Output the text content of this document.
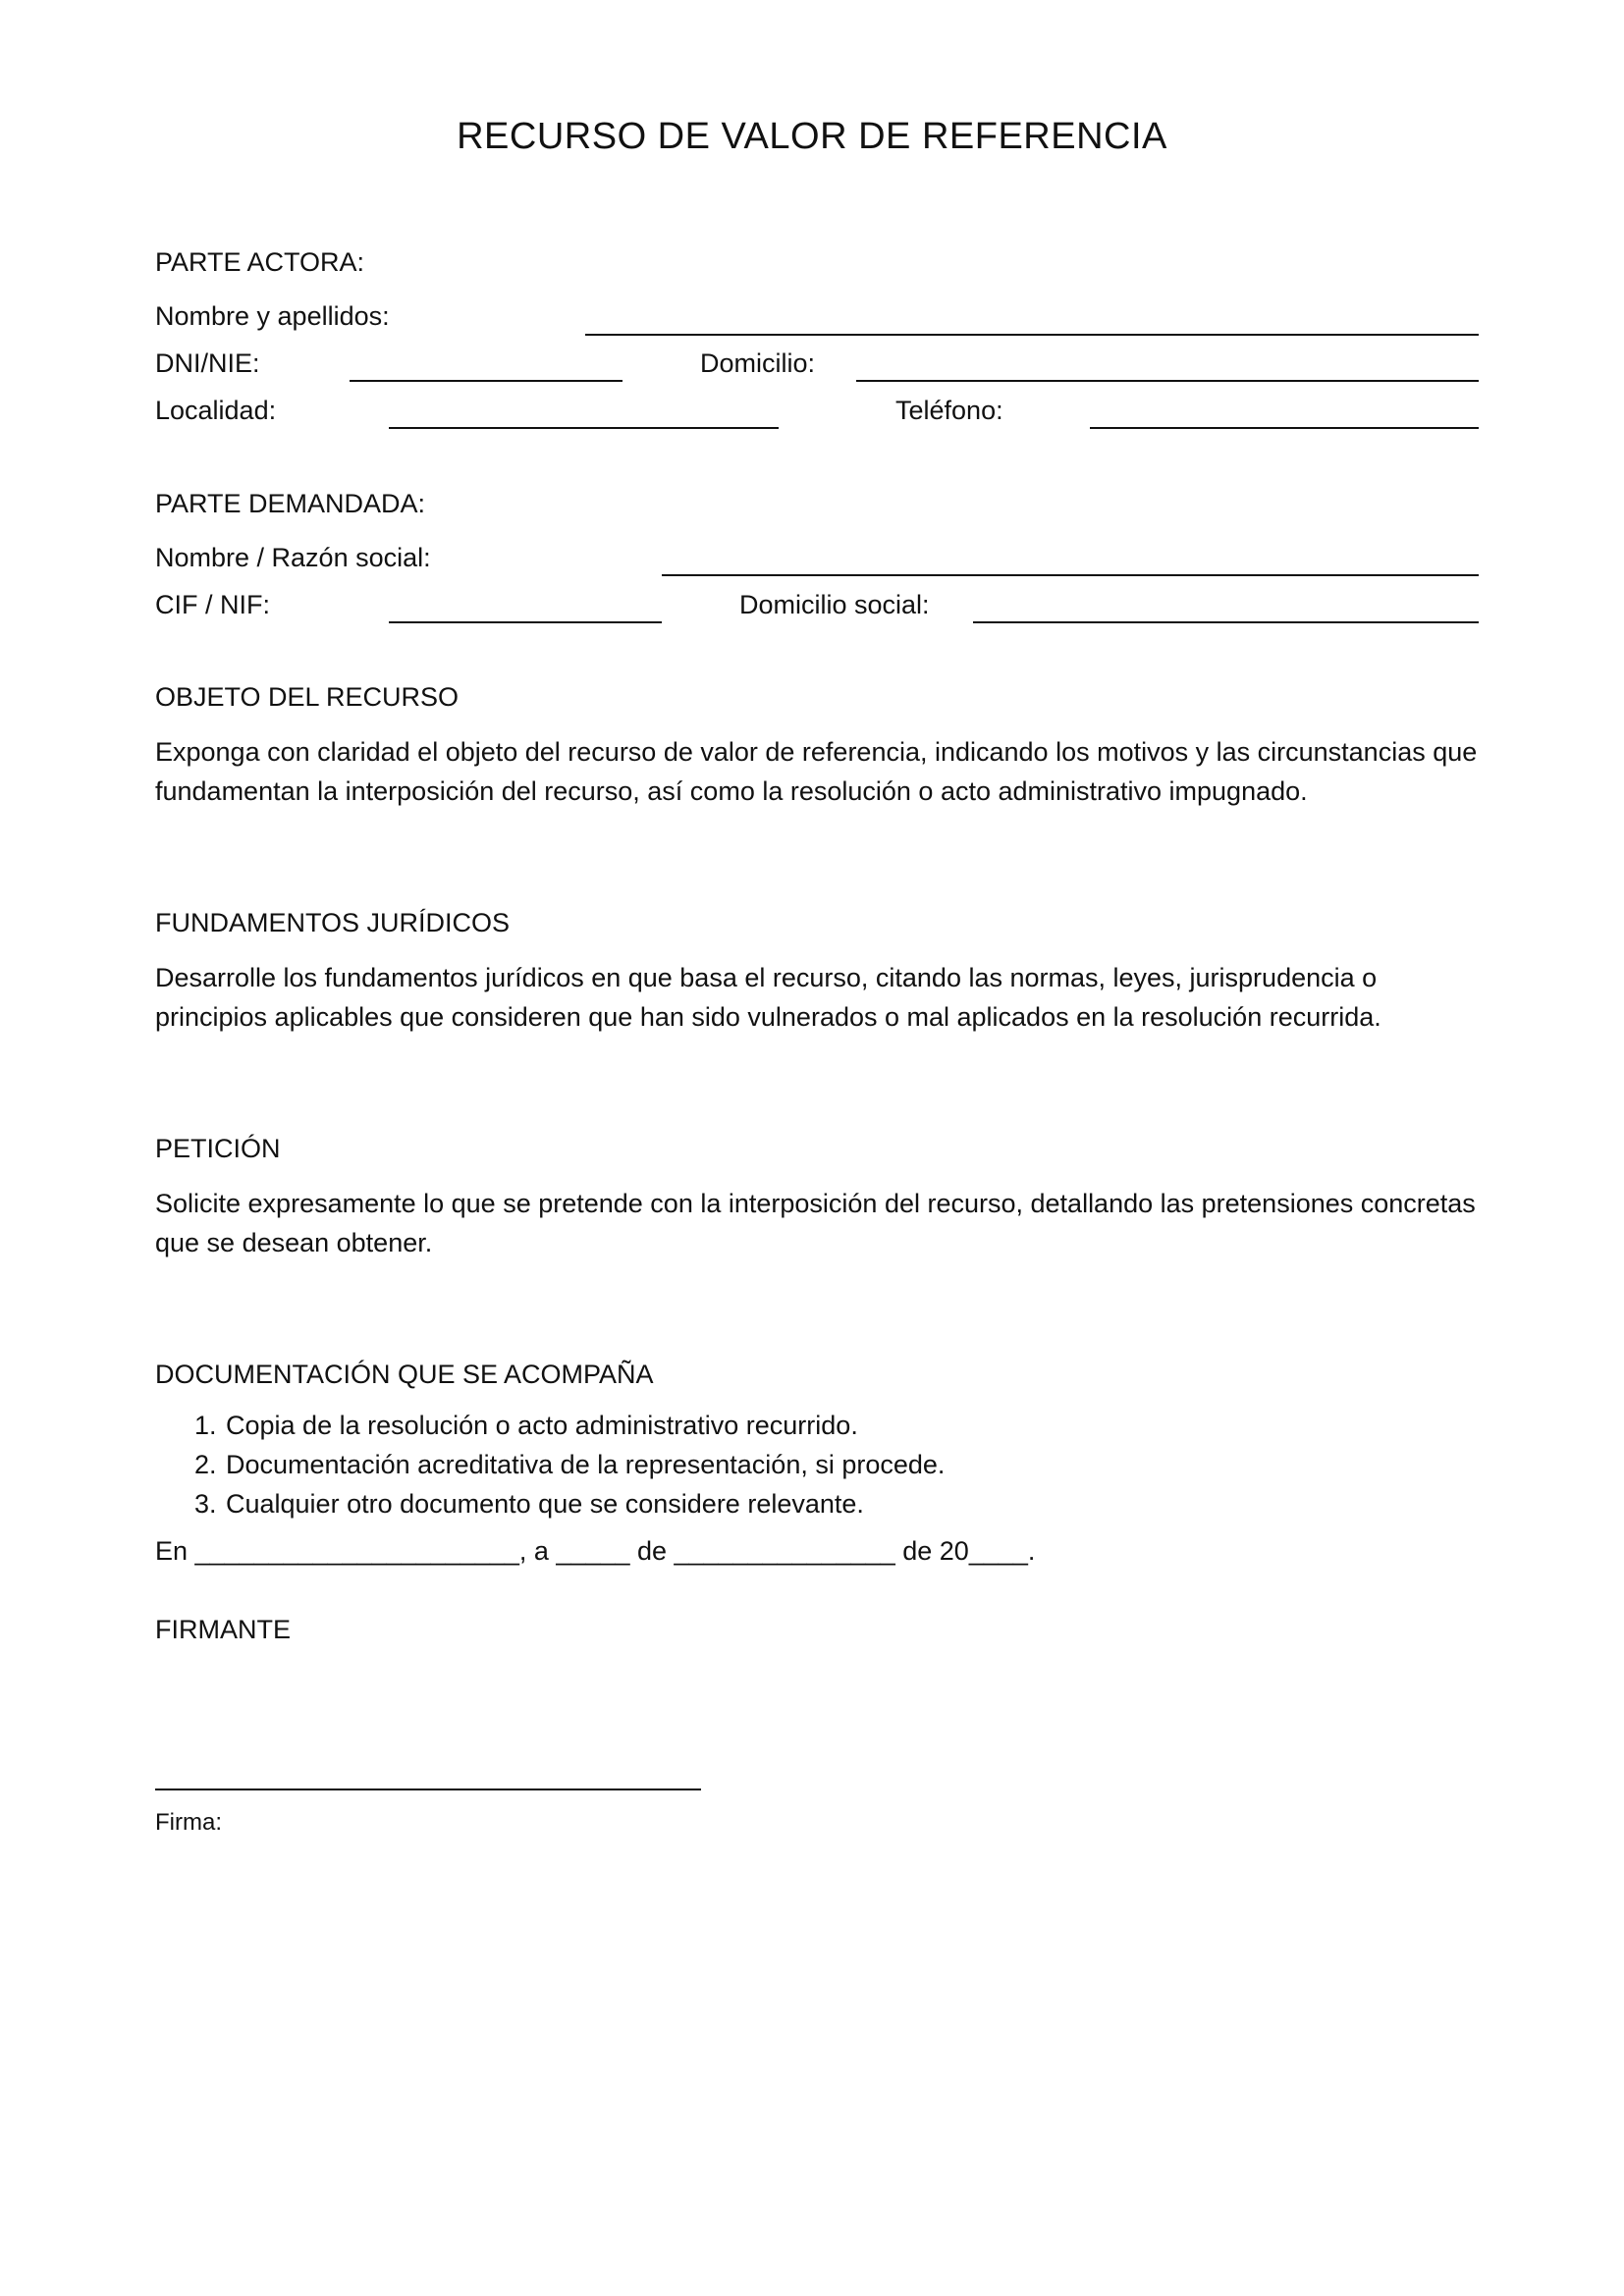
RECURSO DE VALOR DE REFERENCIA
PARTE ACTORA:
Nombre y apellidos:
DNI/NIE:	Domicilio:
Localidad:	Teléfono:
PARTE DEMANDADA:
Nombre / Razón social:
CIF / NIF:	Domicilio social:
OBJETO DEL RECURSO
Exponga con claridad el objeto del recurso de valor de referencia, indicando los motivos y las circunstancias que fundamentan la interposición del recurso, así como la resolución o acto administrativo impugnado.
FUNDAMENTOS JURÍDICOS
Desarrolle los fundamentos jurídicos en que basa el recurso, citando las normas, leyes, jurisprudencia o principios aplicables que consideren que han sido vulnerados o mal aplicados en la resolución recurrida.
PETICIÓN
Solicite expresamente lo que se pretende con la interposición del recurso, detallando las pretensiones concretas que se desean obtener.
DOCUMENTACIÓN QUE SE ACOMPAÑA
1. Copia de la resolución o acto administrativo recurrido.
2. Documentación acreditativa de la representación, si procede.
3. Cualquier otro documento que se considere relevante.
En ______________________, a _____ de _______________ de 20____.
FIRMANTE
Firma:
